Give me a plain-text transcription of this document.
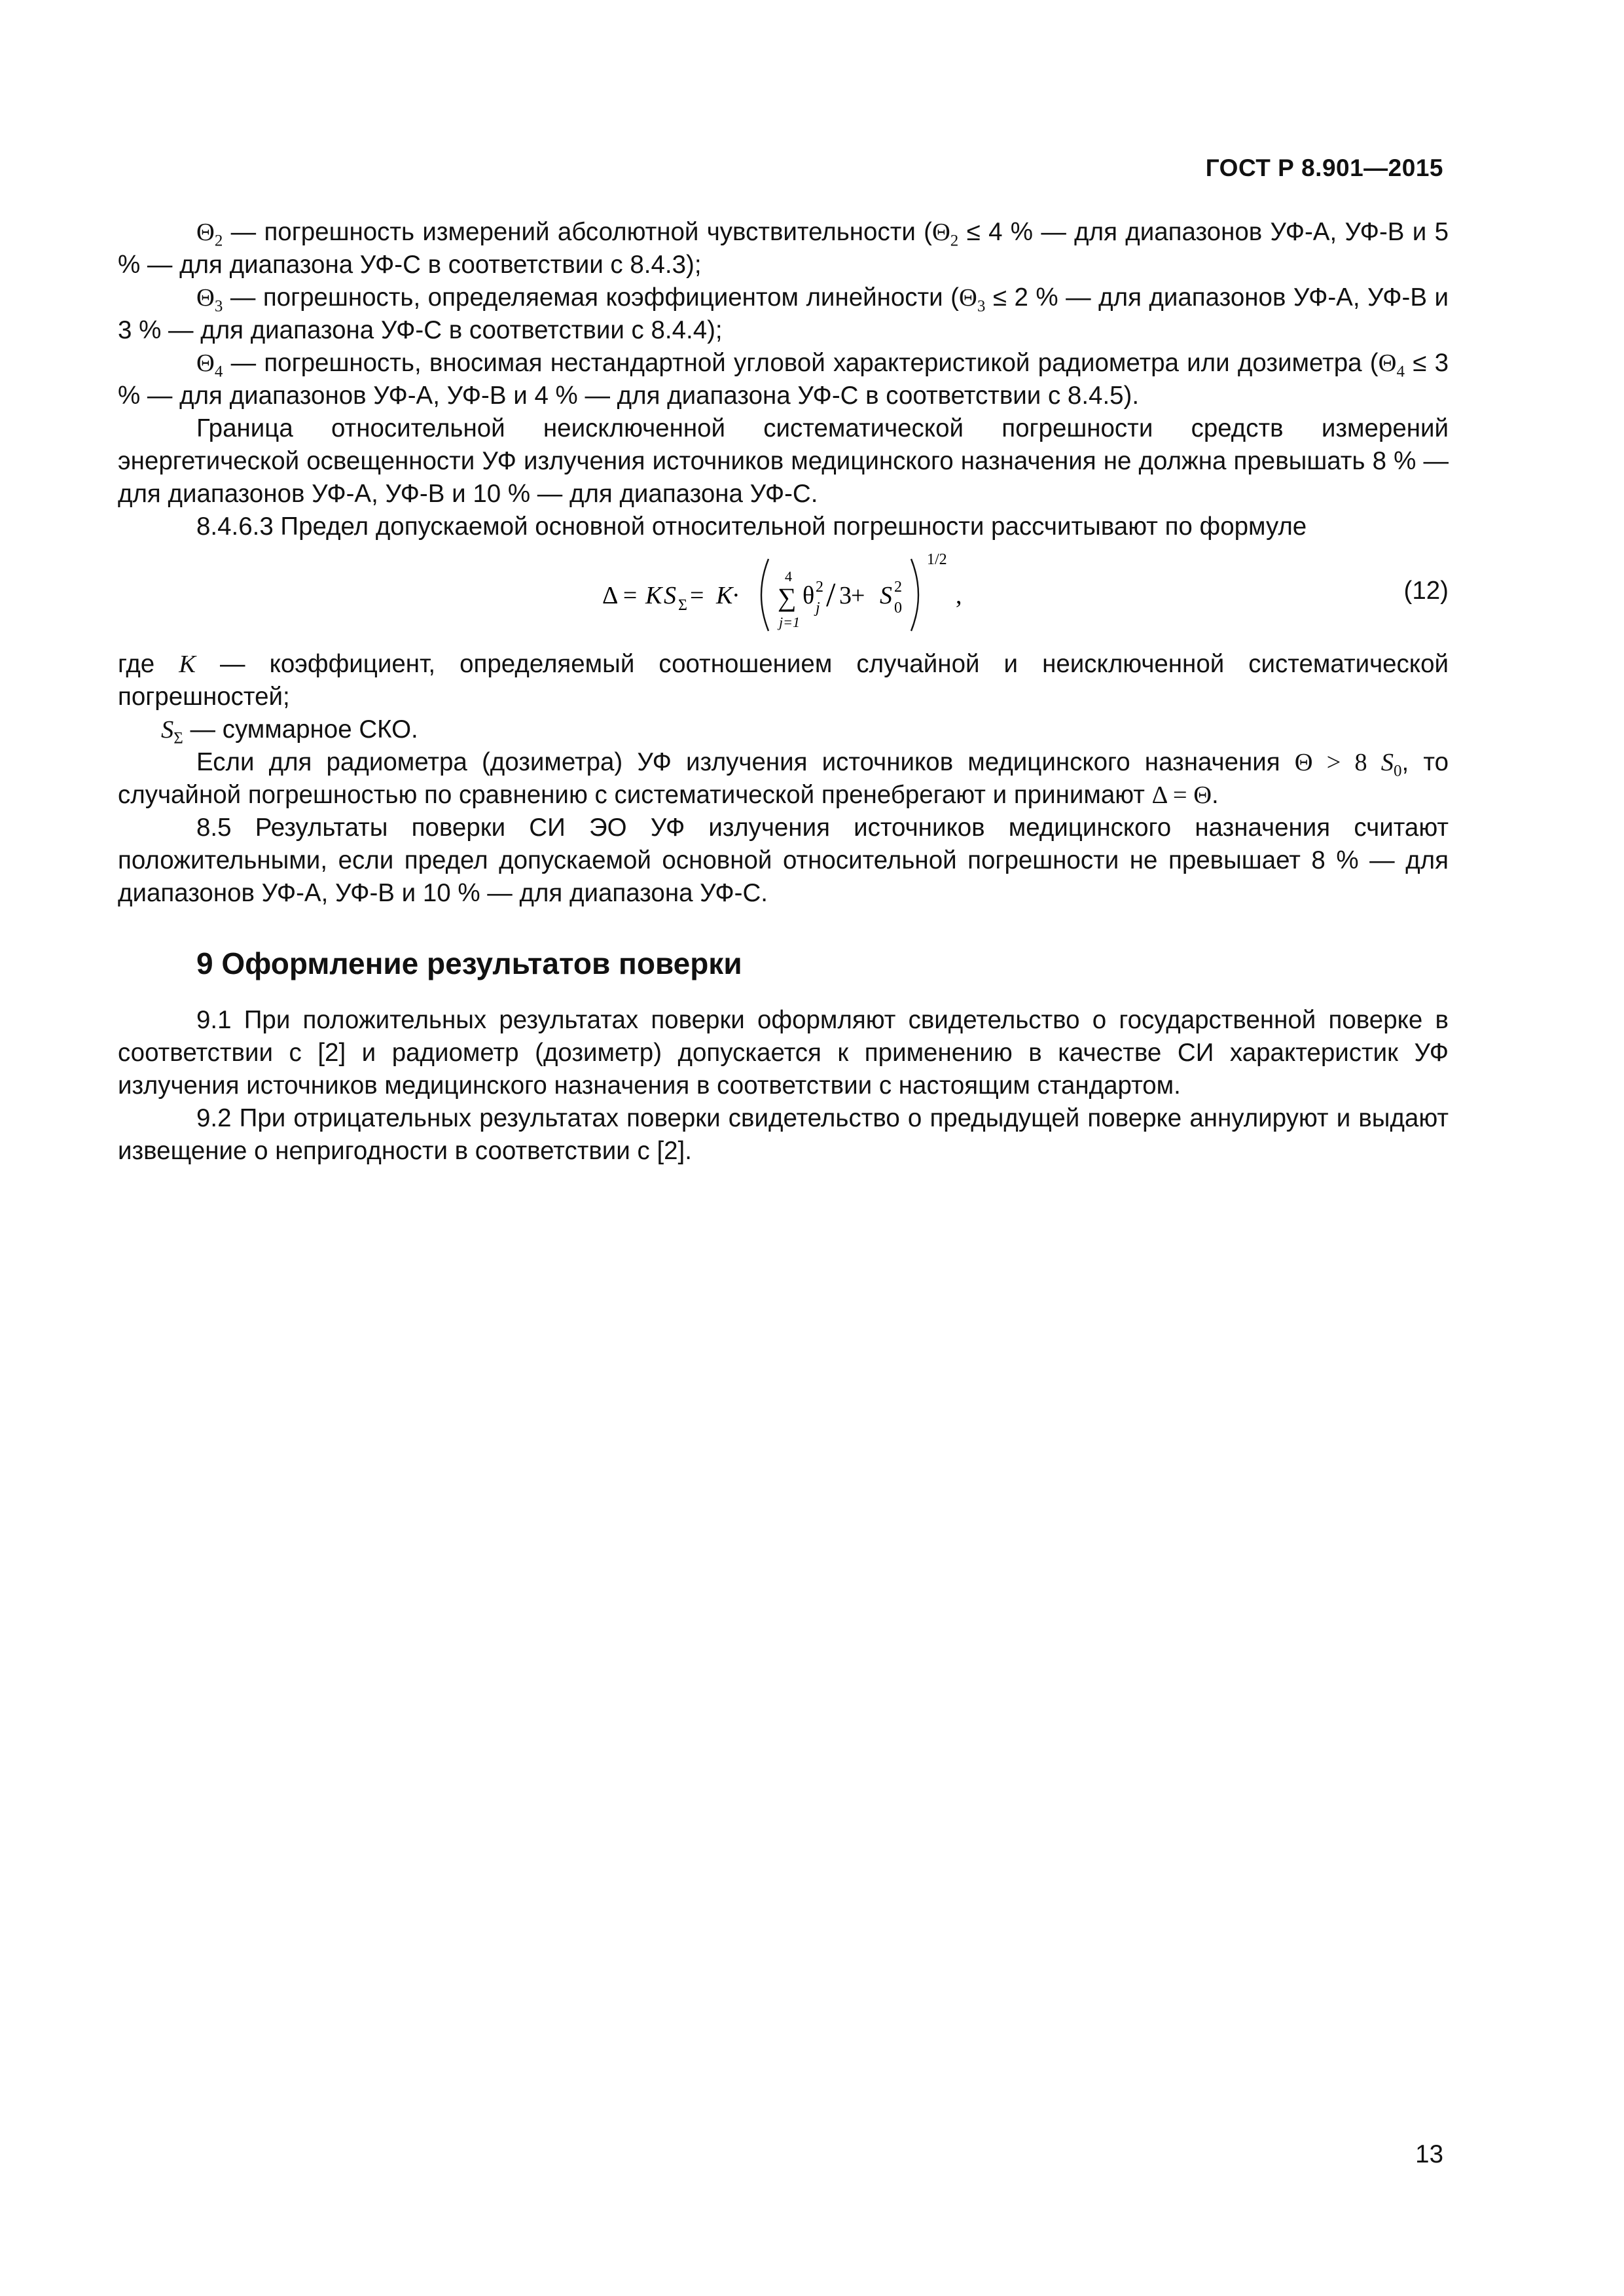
ГОСТ Р 8.901—2015

$\Theta_2$ — погрешность измерений абсолютной чувствительности ($\Theta_2 \le 4$ % — для диапазонов УФ-А, УФ-В и 5 % — для диапазона УФ-С в соответствии с 8.4.3);

$\Theta_3$ — погрешность, определяемая коэффициентом линейности ($\Theta_3 \le 2$ % — для диапазонов УФ-А, УФ-В и 3 % — для диапазона УФ-С в соответствии с 8.4.4);

$\Theta_4$ — погрешность, вносимая нестандартной угловой характеристикой радиометра или дозиметра ($\Theta_4 \le 3$ % — для диапазонов УФ-А, УФ-В и 4 % — для диапазона УФ-С в соответствии с 8.4.5).

Граница относительной неисключенной систематической погрешности средств измерений энергетической освещенности УФ излучения источников медицинского назначения не должна превышать 8 % — для диапазонов УФ-А, УФ-В и 10 % — для диапазона УФ-С.

8.4.6.3 Предел допускаемой основной относительной погрешности рассчитывают по формуле

Δ = K S Σ = K
·
4
∑
j=1
θ 2
j / 3 + S 2
0
1/2
,	(12)

где K — коэффициент, определяемый соотношением случайной и неисключенной систематической погрешностей;

$S_\Sigma$ — суммарное СКО.

Если для радиометра (дозиметра) УФ излучения источников медицинского назначения Θ > 8 $S_0$, то случайной погрешностью по сравнению с систематической пренебрегают и принимают Δ = Θ.

8.5 Результаты поверки СИ ЭО УФ излучения источников медицинского назначения считают положительными, если предел допускаемой основной относительной погрешности не превышает 8 % — для диапазонов УФ-А, УФ-В и 10 % — для диапазона УФ-С.

9 Оформление результатов поверки

9.1 При положительных результатах поверки оформляют свидетельство о государственной поверке в соответствии с [2] и радиометр (дозиметр) допускается к применению в качестве СИ характеристик УФ излучения источников медицинского назначения в соответствии с настоящим стандартом.

9.2 При отрицательных результатах поверки свидетельство о предыдущей поверке аннулируют и выдают извещение о непригодности в соответствии с [2].

13
